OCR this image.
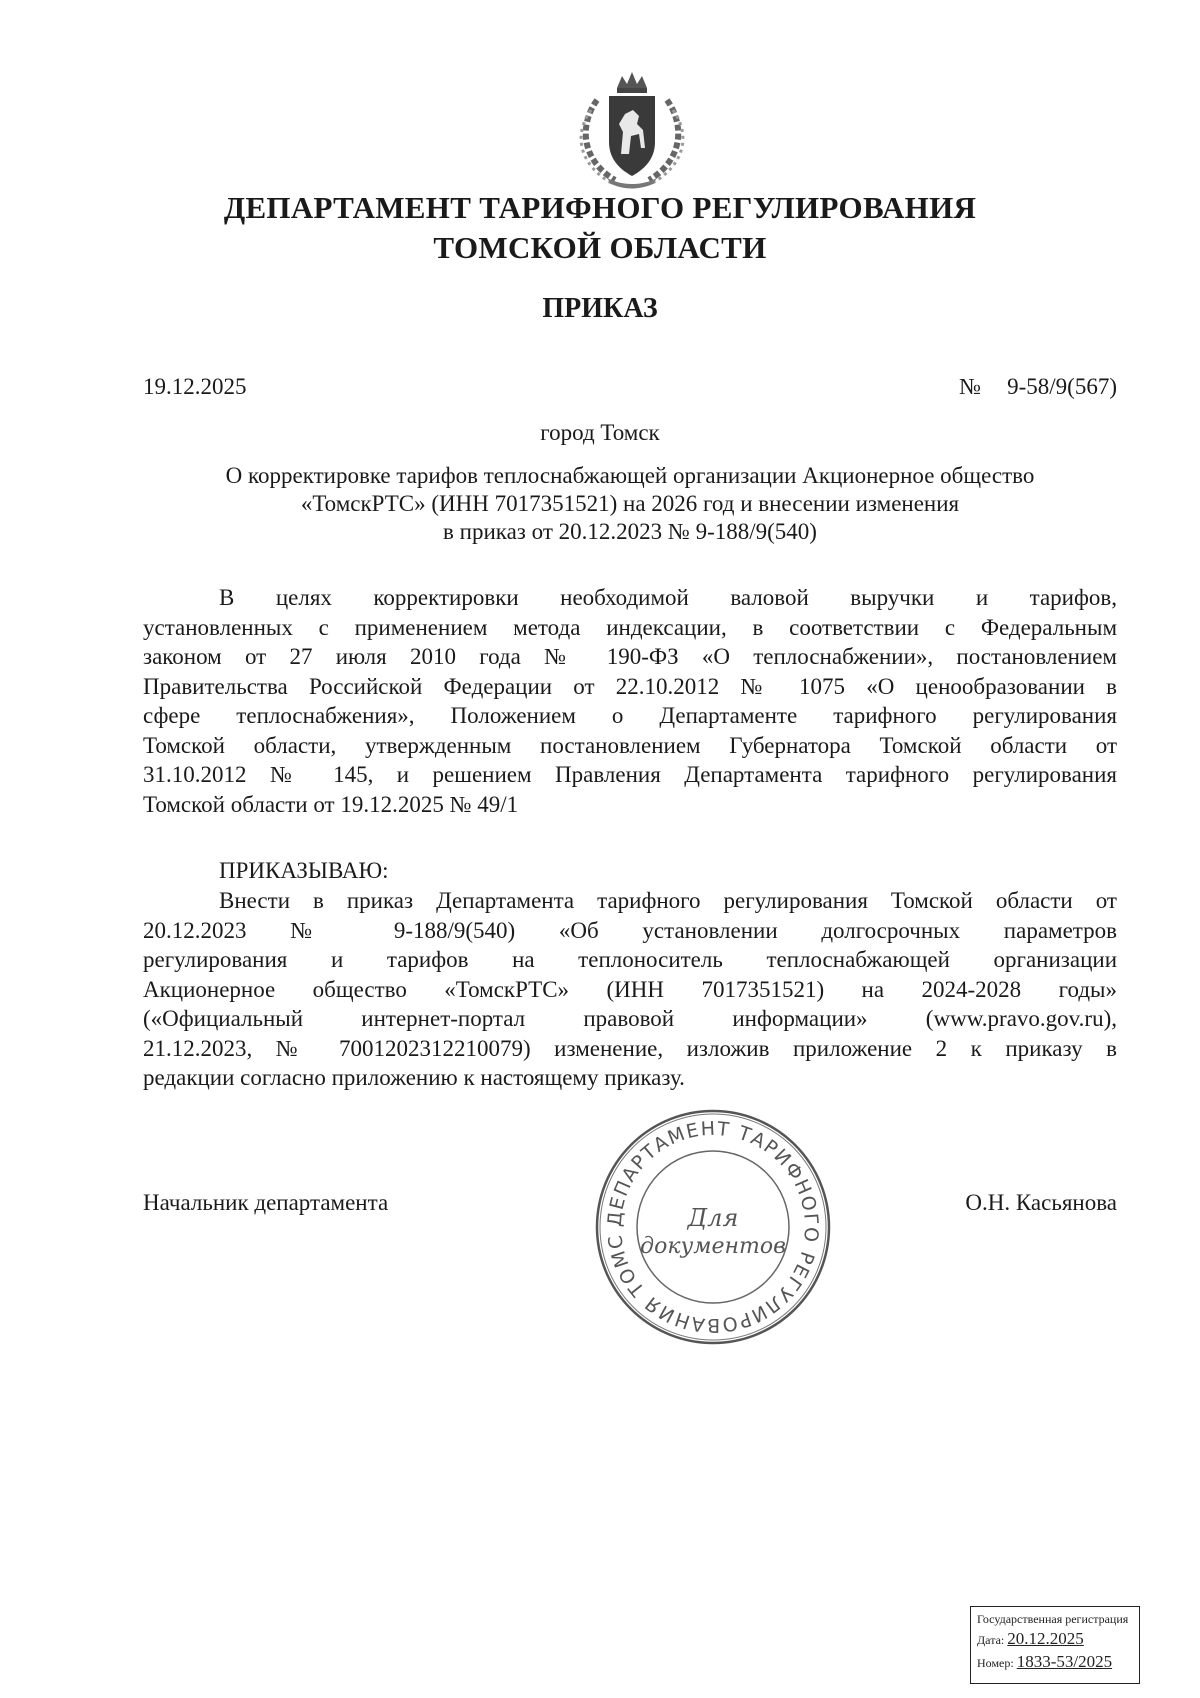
ДЕПАРТАМЕНТ ТАРИФНОГО РЕГУЛИРОВАНИЯ
ТОМСКОЙ ОБЛАСТИ
ПРИКАЗ
19.12.2025	№ 9-58/9(567)
город Томск
О корректировке тарифов теплоснабжающей организации Акционерное общество
«ТомскРТС» (ИНН 7017351521) на 2026 год и внесении изменения
в приказ от 20.12.2023 № 9-188/9(540)
В целях корректировки необходимой валовой выручки и тарифов,
установленных с применением метода индексации, в соответствии с Федеральным
законом от 27 июля 2010 года № 190-ФЗ «О теплоснабжении», постановлением
Правительства Российской Федерации от 22.10.2012 № 1075 «О ценообразовании в
сфере теплоснабжения», Положением о Департаменте тарифного регулирования
Томской области, утвержденным постановлением Губернатора Томской области от
31.10.2012 № 145, и решением Правления Департамента тарифного регулирования
Томской области от 19.12.2025 № 49/1
ПРИКАЗЫВАЮ:
Внести в приказ Департамента тарифного регулирования Томской области от
20.12.2023 № 9-188/9(540) «Об установлении долгосрочных параметров
регулирования и тарифов на теплоноситель теплоснабжающей организации
Акционерное общество «ТомскРТС» (ИНН 7017351521) на 2024-2028 годы»
(«Официальный интернет-портал правовой информации» (www.pravo.gov.ru),
21.12.2023, № 7001202312210079) изменение, изложив приложение 2 к приказу в
редакции согласно приложению к настоящему приказу.
Начальник департамента	О.Н. Касьянова
ДЕПАРТАМЕНТ ТАРИФНОГО РЕГУЛИРОВАНИЯ ТОМС
Для
документов
Государственная регистрация
Дата: 20.12.2025
Номер: 1833-53/2025
